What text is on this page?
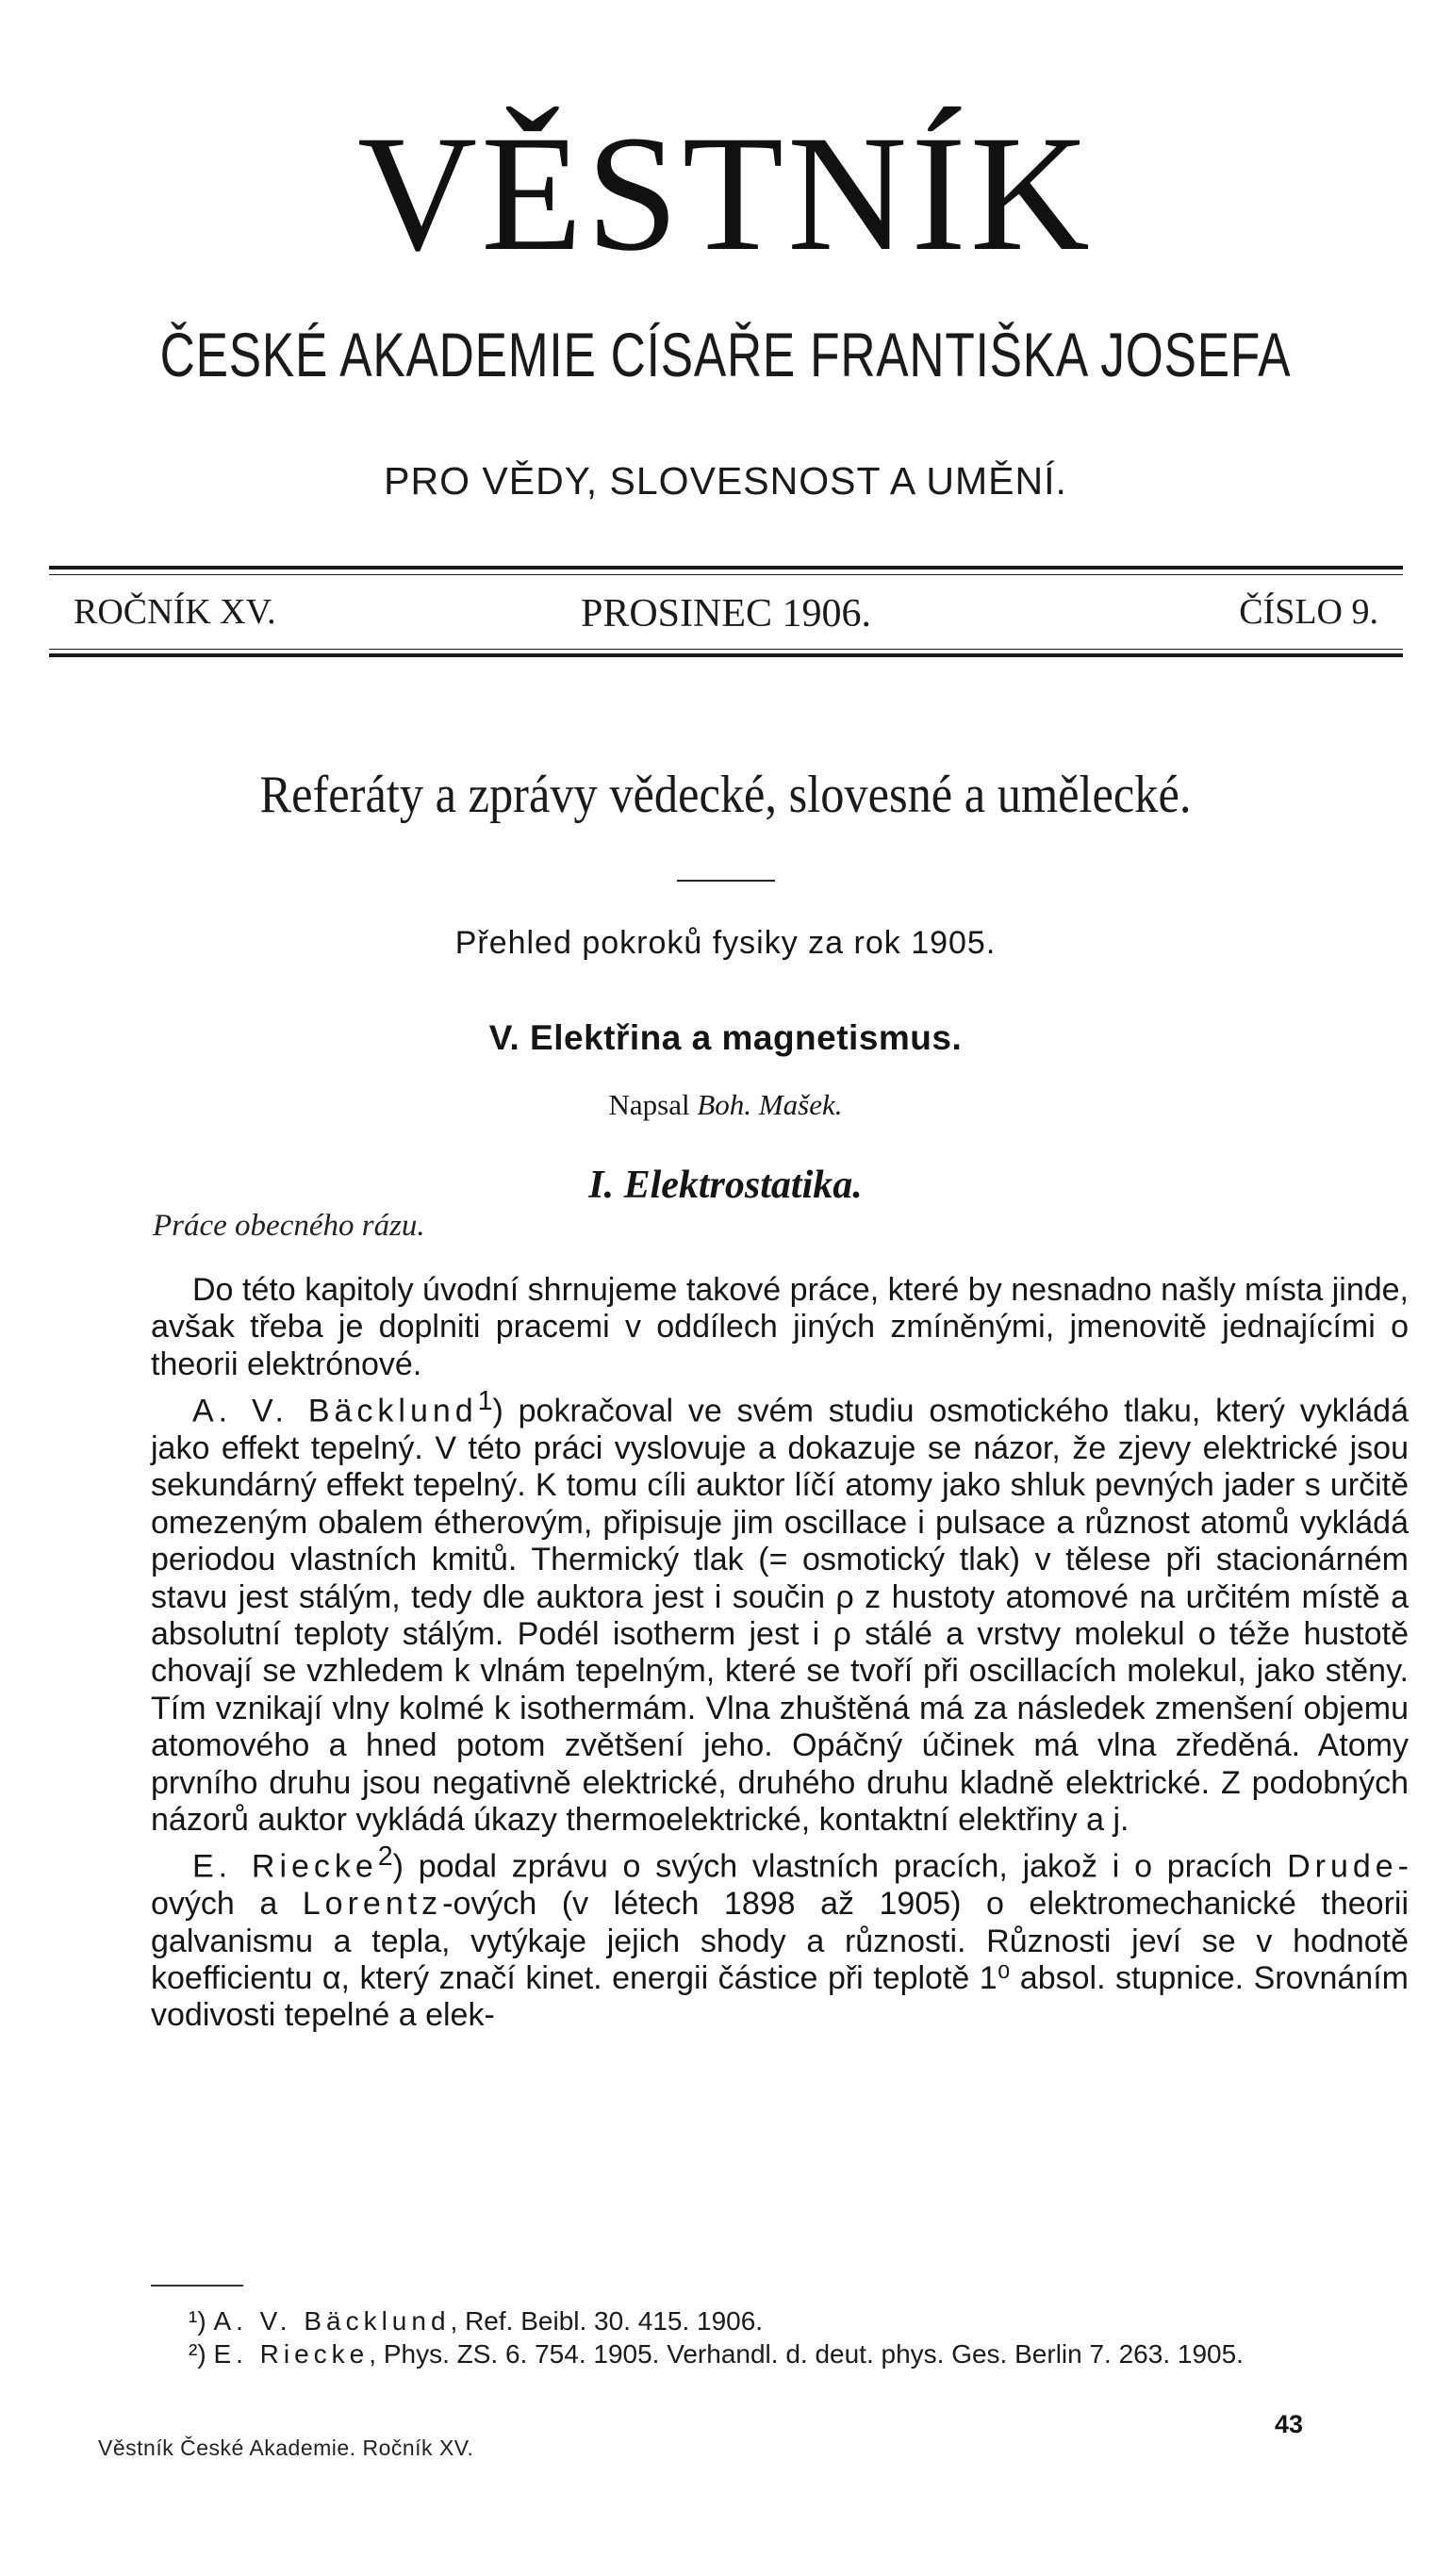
VĚSTNÍK
ČESKÉ AKADEMIE CÍSAŘE FRANTIŠKA JOSEFA
PRO VĚDY, SLOVESNOST A UMĚNÍ.
ROČNÍK XV.	PROSINEC 1906.	ČÍSLO 9.
Referáty a zprávy vědecké, slovesné a umělecké.
Přehled pokroků fysiky za rok 1905.
V. Elektřina a magnetismus.
Napsal Boh. Mašek.
I. Elektrostatika.
Práce obecného rázu.

Do této kapitoly úvodní shrnujeme takové práce, které by nesnadno našly místa jinde, avšak třeba je doplniti pracemi v oddílech jiných zmíněnými, jmenovitě jednajícími o theorii elektrónové.

A. V. Bäcklund$^1$) pokračoval ve svém studiu osmotického tlaku, který vykládá jako effekt tepelný. V této práci vyslovuje a dokazuje se názor, že zjevy elektrické jsou sekundárný effekt tepelný. K tomu cíli auktor líčí atomy jako shluk pevných jader s určitě omezeným obalem étherovým, připisuje jim oscillace i pulsace a různost atomů vykládá periodou vlastních kmitů. Thermický tlak (= osmotický tlak) v tělese při stacionárném stavu jest stálým, tedy dle auktora jest i součin ρ z hustoty atomové na určitém místě a absolutní teploty stálým. Podél isotherm jest i ρ stálé a vrstvy molekul o téže hustotě chovají se vzhledem k vlnám tepelným, které se tvoří při oscillacích molekul, jako stěny. Tím vznikají vlny kolmé k isothermám. Vlna zhuštěná má za následek zmenšení objemu atomového a hned potom zvětšení jeho. Opáčný účinek má vlna zředěná. Atomy prvního druhu jsou negativně elektrické, druhého druhu kladně elektrické. Z podobných názorů auktor vykládá úkazy thermoelektrické, kontaktní elektřiny a j.

E. Riecke$^2$) podal zprávu o svých vlastních pracích, jakož i o pracích Drude-ových a Lorentz-ových (v létech 1898 až 1905) o elektromechanické theorii galvanismu a tepla, vytýkaje jejich shody a různosti. Různosti jeví se v hodnotě koefficientu α, který značí kinet. energii částice při teplotě 1⁰ absol. stupnice. Srovnáním vodivosti tepelné a elek-

¹) A. V. Bäcklund, Ref. Beibl. 30. 415. 1906.

²) E. Riecke, Phys. ZS. 6. 754. 1905. Verhandl. d. deut. phys. Ges. Berlin 7. 263. 1905.

43
Věstník České Akademie. Ročník XV.
